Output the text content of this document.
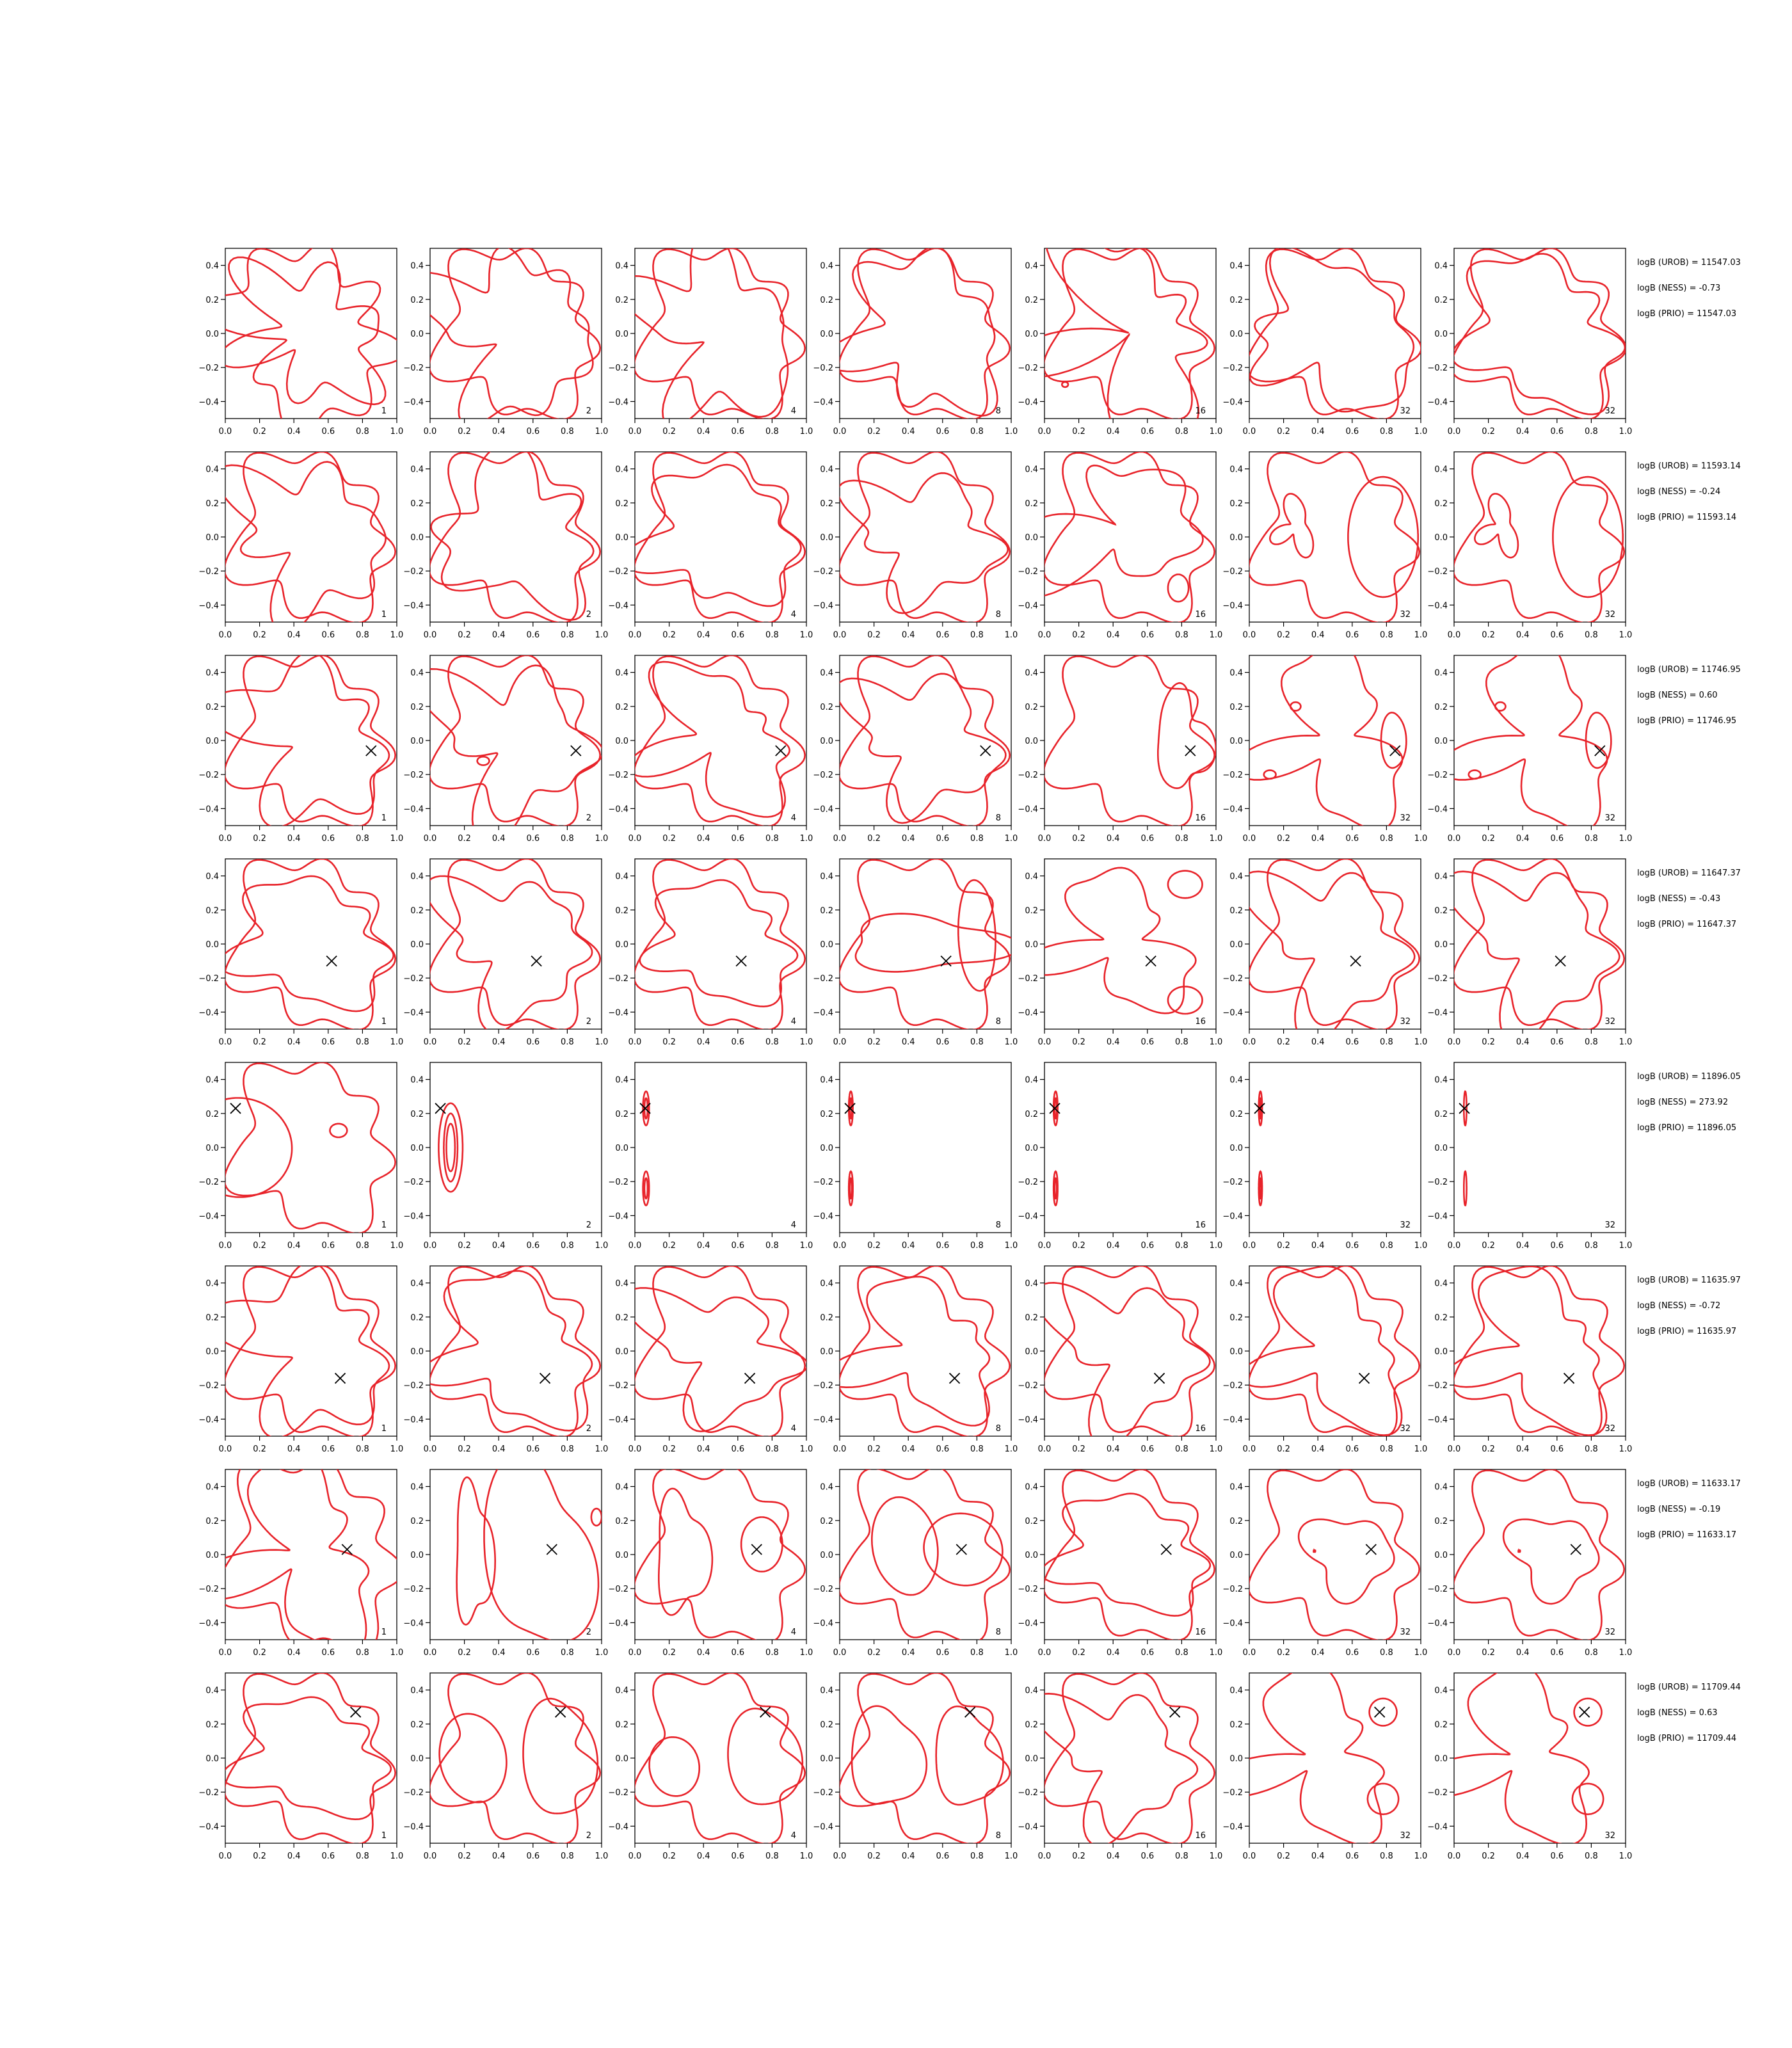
0.0	0.2	0.4	0.6	0.8	1.0
0.4
0.2
0.0
−0.2
−0.4
1
0.0	0.2	0.4	0.6	0.8	1.0
0.4
0.2
0.0
−0.2
−0.4
2
0.0	0.2	0.4	0.6	0.8	1.0
0.4
0.2
0.0
−0.2
−0.4
4
0.0	0.2	0.4	0.6	0.8	1.0
0.4
0.2
0.0
−0.2
−0.4
8
0.0	0.2	0.4	0.6	0.8	1.0
0.4
0.2
0.0
−0.2
−0.4
16
0.0	0.2	0.4	0.6	0.8	1.0
0.4
0.2
0.0
−0.2
−0.4
32
0.0	0.2	0.4	0.6	0.8	1.0
0.4
0.2
0.0
−0.2
−0.4
32
logB (UROB) = 11547.03
logB (NESS) = -0.73
logB (PRIO) = 11547.03
0.0	0.2	0.4	0.6	0.8	1.0
0.4
0.2
0.0
−0.2
−0.4
1
0.0	0.2	0.4	0.6	0.8	1.0
0.4
0.2
0.0
−0.2
−0.4
2
0.0	0.2	0.4	0.6	0.8	1.0
0.4
0.2
0.0
−0.2
−0.4
4
0.0	0.2	0.4	0.6	0.8	1.0
0.4
0.2
0.0
−0.2
−0.4
8
0.0	0.2	0.4	0.6	0.8	1.0
0.4
0.2
0.0
−0.2
−0.4
16
0.0	0.2	0.4	0.6	0.8	1.0
0.4
0.2
0.0
−0.2
−0.4
32
0.0	0.2	0.4	0.6	0.8	1.0
0.4
0.2
0.0
−0.2
−0.4
32
logB (UROB) = 11593.14
logB (NESS) = -0.24
logB (PRIO) = 11593.14
0.0	0.2	0.4	0.6	0.8	1.0
0.4
0.2
0.0
−0.2
−0.4
1
0.0	0.2	0.4	0.6	0.8	1.0
0.4
0.2
0.0
−0.2
−0.4
2
0.0	0.2	0.4	0.6	0.8	1.0
0.4
0.2
0.0
−0.2
−0.4
4
0.0	0.2	0.4	0.6	0.8	1.0
0.4
0.2
0.0
−0.2
−0.4
8
0.0	0.2	0.4	0.6	0.8	1.0
0.4
0.2
0.0
−0.2
−0.4
16
0.0	0.2	0.4	0.6	0.8	1.0
0.4
0.2
0.0
−0.2
−0.4
32
0.0	0.2	0.4	0.6	0.8	1.0
0.4
0.2
0.0
−0.2
−0.4
32
logB (UROB) = 11746.95
logB (NESS) = 0.60
logB (PRIO) = 11746.95
0.0	0.2	0.4	0.6	0.8	1.0
0.4
0.2
0.0
−0.2
−0.4
1
0.0	0.2	0.4	0.6	0.8	1.0
0.4
0.2
0.0
−0.2
−0.4
2
0.0	0.2	0.4	0.6	0.8	1.0
0.4
0.2
0.0
−0.2
−0.4
4
0.0	0.2	0.4	0.6	0.8	1.0
0.4
0.2
0.0
−0.2
−0.4
8
0.0	0.2	0.4	0.6	0.8	1.0
0.4
0.2
0.0
−0.2
−0.4
16
0.0	0.2	0.4	0.6	0.8	1.0
0.4
0.2
0.0
−0.2
−0.4
32
0.0	0.2	0.4	0.6	0.8	1.0
0.4
0.2
0.0
−0.2
−0.4
32
logB (UROB) = 11647.37
logB (NESS) = -0.43
logB (PRIO) = 11647.37
0.0	0.2	0.4	0.6	0.8	1.0
0.4
0.2
0.0
−0.2
−0.4
1
0.0	0.2	0.4	0.6	0.8	1.0
0.4
0.2
0.0
−0.2
−0.4
2
0.0	0.2	0.4	0.6	0.8	1.0
0.4
0.2
0.0
−0.2
−0.4
4
0.0	0.2	0.4	0.6	0.8	1.0
0.4
0.2
0.0
−0.2
−0.4
8
0.0	0.2	0.4	0.6	0.8	1.0
0.4
0.2
0.0
−0.2
−0.4
16
0.0	0.2	0.4	0.6	0.8	1.0
0.4
0.2
0.0
−0.2
−0.4
32
0.0	0.2	0.4	0.6	0.8	1.0
0.4
0.2
0.0
−0.2
−0.4
32
logB (UROB) = 11896.05
logB (NESS) = 273.92
logB (PRIO) = 11896.05
0.0	0.2	0.4	0.6	0.8	1.0
0.4
0.2
0.0
−0.2
−0.4
1
0.0	0.2	0.4	0.6	0.8	1.0
0.4
0.2
0.0
−0.2
−0.4
2
0.0	0.2	0.4	0.6	0.8	1.0
0.4
0.2
0.0
−0.2
−0.4
4
0.0	0.2	0.4	0.6	0.8	1.0
0.4
0.2
0.0
−0.2
−0.4
8
0.0	0.2	0.4	0.6	0.8	1.0
0.4
0.2
0.0
−0.2
−0.4
16
0.0	0.2	0.4	0.6	0.8	1.0
0.4
0.2
0.0
−0.2
−0.4
32
0.0	0.2	0.4	0.6	0.8	1.0
0.4
0.2
0.0
−0.2
−0.4
32
logB (UROB) = 11635.97
logB (NESS) = -0.72
logB (PRIO) = 11635.97
0.0	0.2	0.4	0.6	0.8	1.0
0.4
0.2
0.0
−0.2
−0.4
1
0.0	0.2	0.4	0.6	0.8	1.0
0.4
0.2
0.0
−0.2
−0.4
2
0.0	0.2	0.4	0.6	0.8	1.0
0.4
0.2
0.0
−0.2
−0.4
4
0.0	0.2	0.4	0.6	0.8	1.0
0.4
0.2
0.0
−0.2
−0.4
8
0.0	0.2	0.4	0.6	0.8	1.0
0.4
0.2
0.0
−0.2
−0.4
16
0.0	0.2	0.4	0.6	0.8	1.0
0.4
0.2
0.0
−0.2
−0.4
32
0.0	0.2	0.4	0.6	0.8	1.0
0.4
0.2
0.0
−0.2
−0.4
32
logB (UROB) = 11633.17
logB (NESS) = -0.19
logB (PRIO) = 11633.17
0.0	0.2	0.4	0.6	0.8	1.0
0.4
0.2
0.0
−0.2
−0.4
1
0.0	0.2	0.4	0.6	0.8	1.0
0.4
0.2
0.0
−0.2
−0.4
2
0.0	0.2	0.4	0.6	0.8	1.0
0.4
0.2
0.0
−0.2
−0.4
4
0.0	0.2	0.4	0.6	0.8	1.0
0.4
0.2
0.0
−0.2
−0.4
8
0.0	0.2	0.4	0.6	0.8	1.0
0.4
0.2
0.0
−0.2
−0.4
16
0.0	0.2	0.4	0.6	0.8	1.0
0.4
0.2
0.0
−0.2
−0.4
32
0.0	0.2	0.4	0.6	0.8	1.0
0.4
0.2
0.0
−0.2
−0.4
32
logB (UROB) = 11709.44
logB (NESS) = 0.63
logB (PRIO) = 11709.44
